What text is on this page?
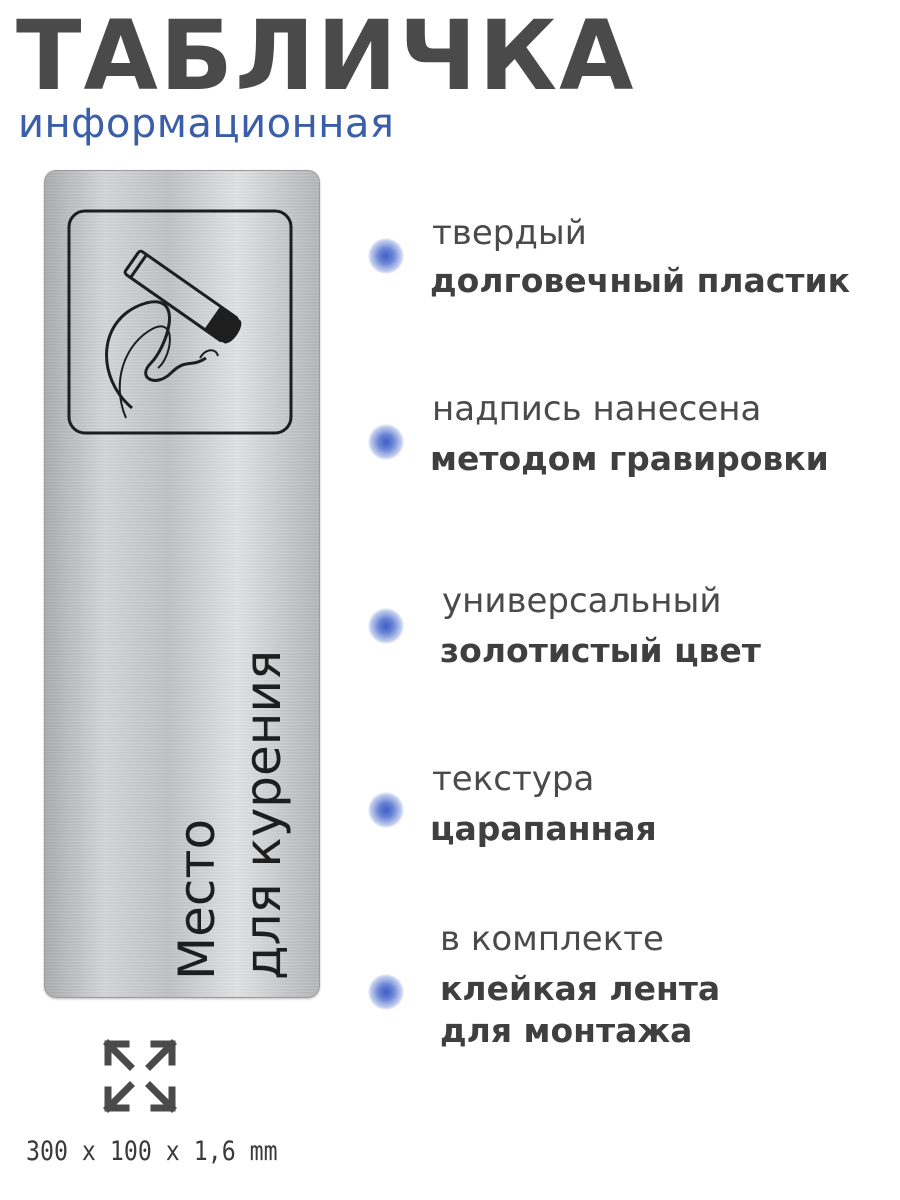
ТАБЛИЧКА
информационная
Место для курения
твердый
долговечный пластик
надпись нанесена
методом гравировки
универсальный
золотистый цвет
текстура
царапанная
в комплекте
клейкая лента
для монтажа
300 x 100 x 1,6 mm
